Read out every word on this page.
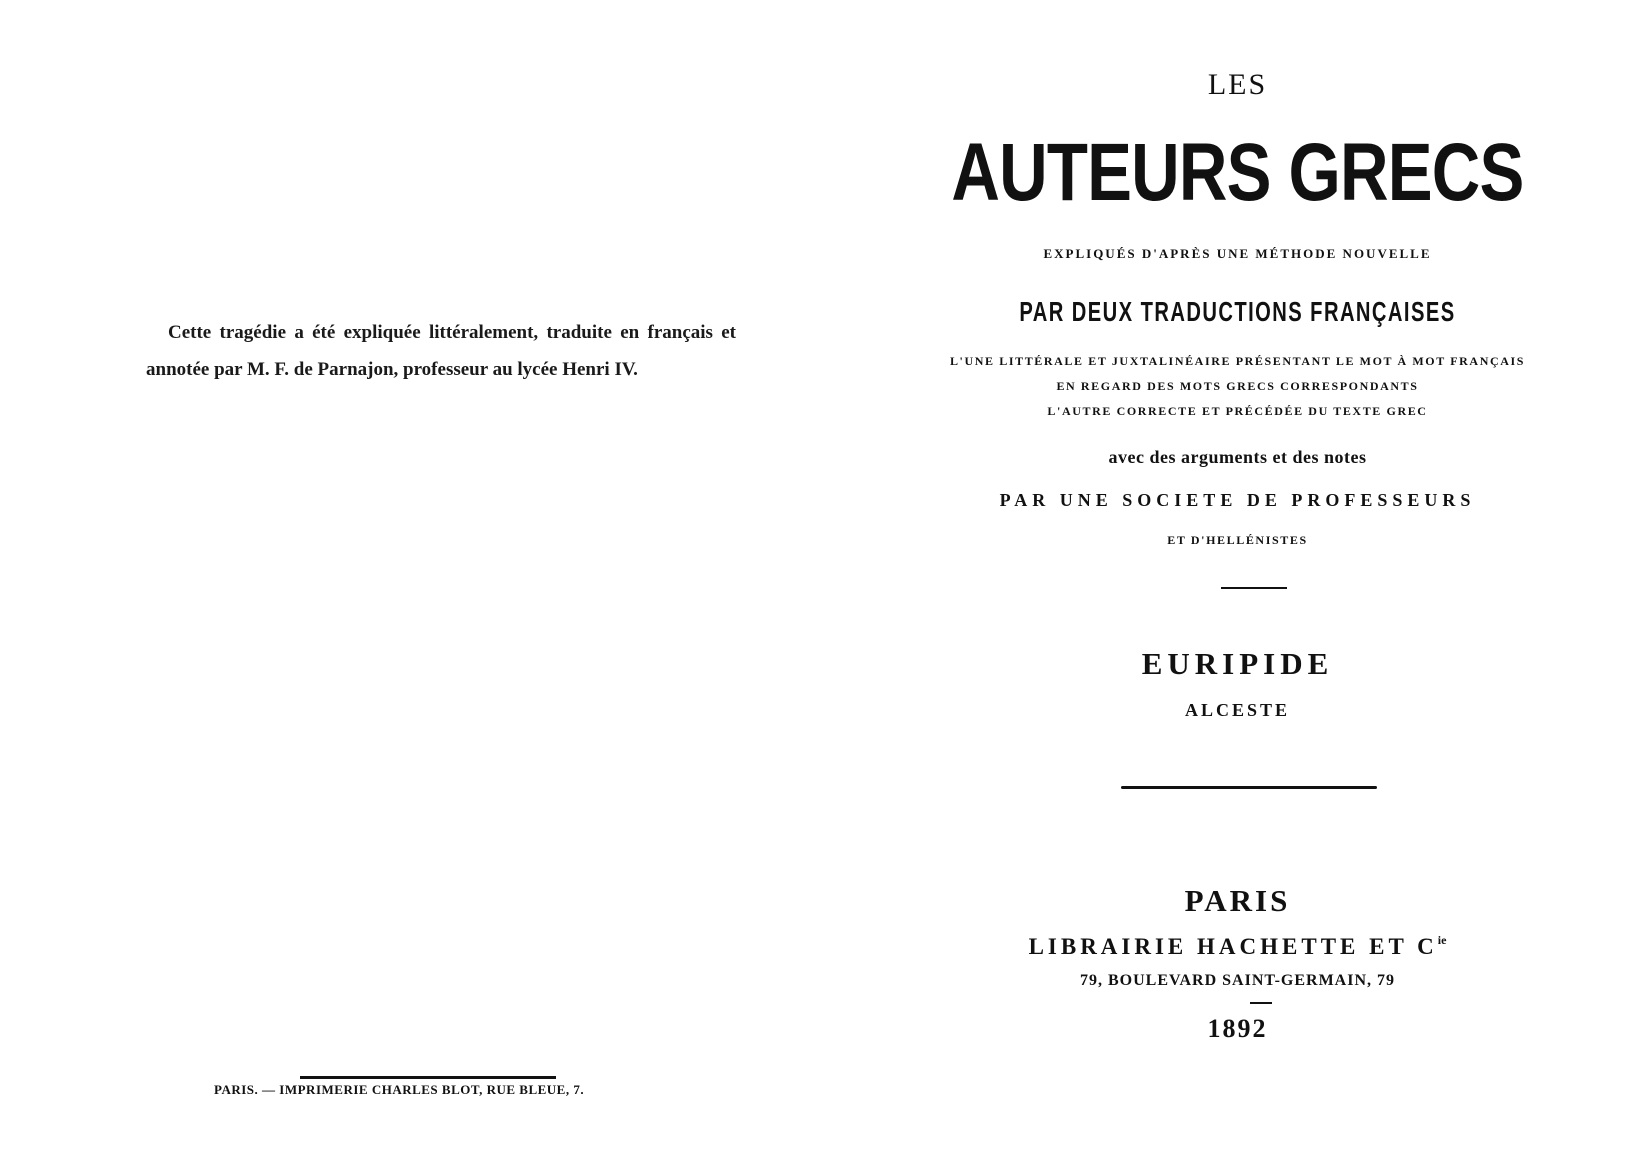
Cette tragédie a été expliquée littéralement, traduite en français et annotée par M. F. de Parnajon, professeur au lycée Henri IV.
PARIS. — IMPRIMERIE CHARLES BLOT, RUE BLEUE, 7.
LES
AUTEURS GRECS
EXPLIQUÉS D'APRÈS UNE MÉTHODE NOUVELLE
PAR DEUX TRADUCTIONS FRANÇAISES
L'UNE LITTÉRALE ET JUXTALINÉAIRE PRÉSENTANT LE MOT À MOT FRANÇAIS
EN REGARD DES MOTS GRECS CORRESPONDANTS
L'AUTRE CORRECTE ET PRÉCÉDÉE DU TEXTE GREC
avec des arguments et des notes
PAR UNE SOCIETE DE PROFESSEURS
ET D'HELLÉNISTES
EURIPIDE
ALCESTE
PARIS
LIBRAIRIE HACHETTE ET $C^{ie}$
79, BOULEVARD SAINT-GERMAIN, 79
1892
